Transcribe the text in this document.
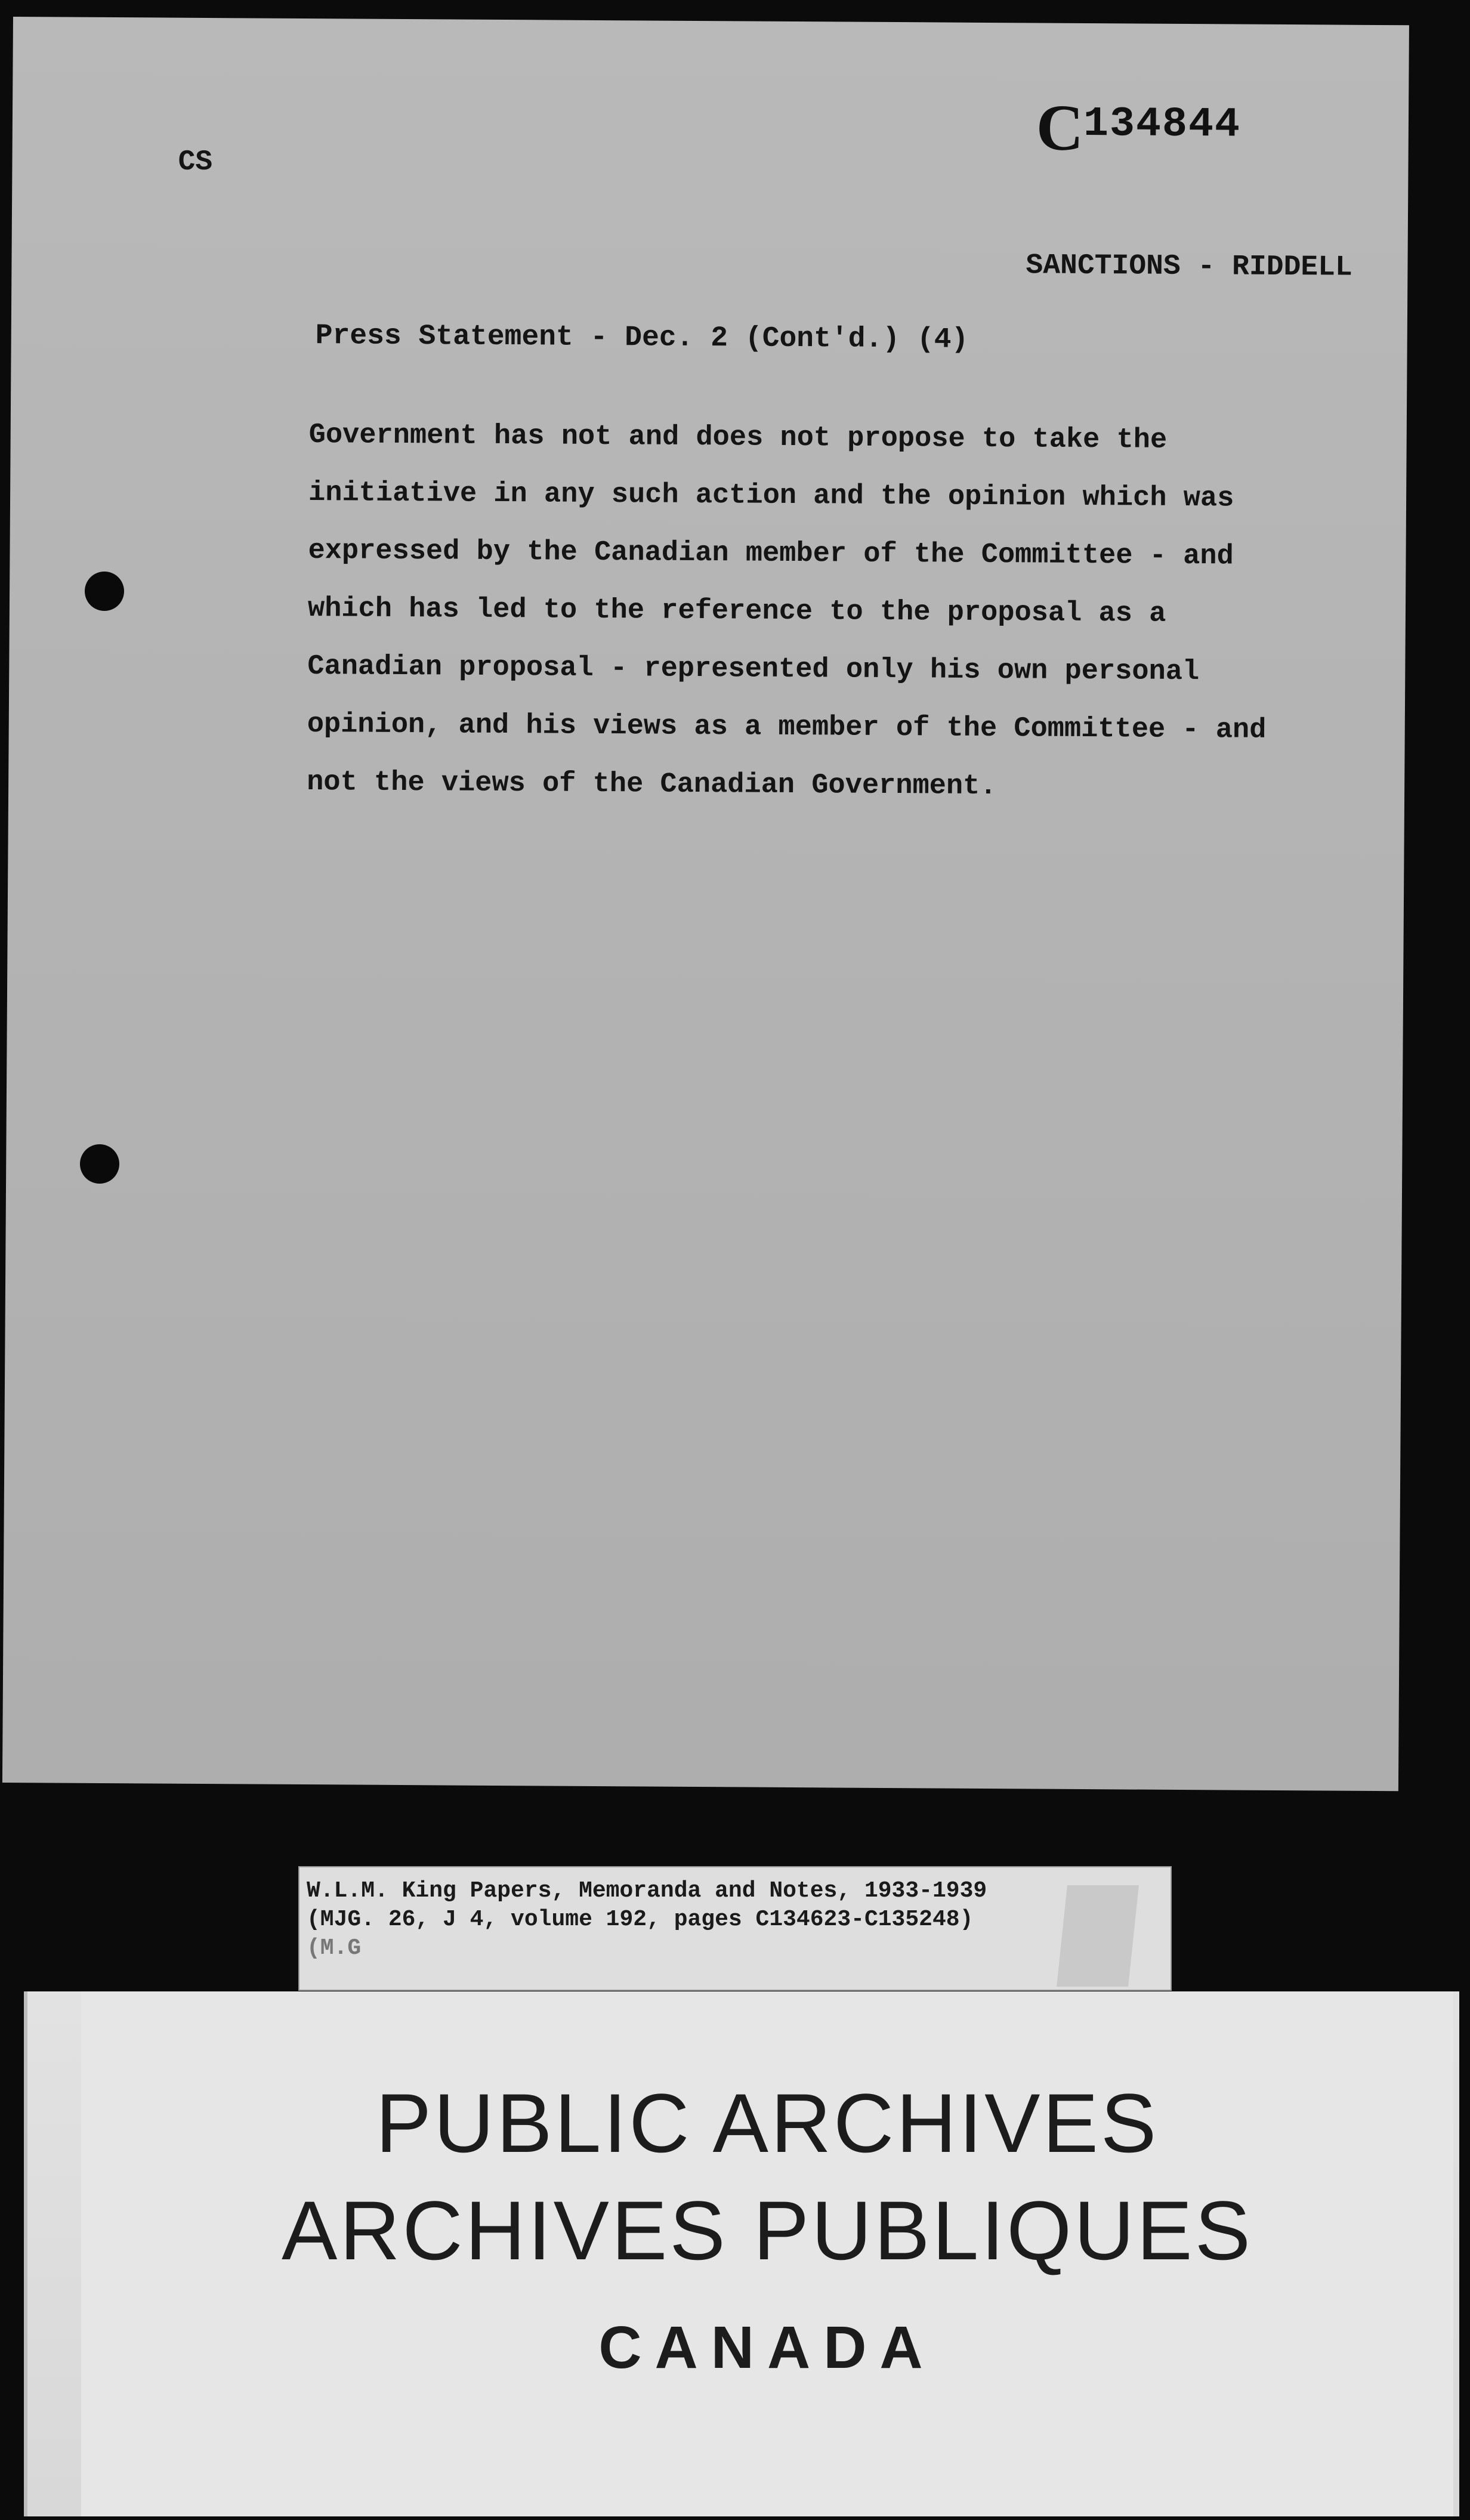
C
134844
CS
SANCTIONS - RIDDELL
Press Statement - Dec. 2 (Cont'd.) (4)
Government has not and does not propose to take the
initiative in any such action and the opinion which was
expressed by the Canadian member of the Committee - and
which has led to the reference to the proposal as a
Canadian proposal - represented only his own personal
opinion, and his views as a member of the Committee - and
not the views of the Canadian Government.
W.L.M. King Papers, Memoranda and Notes, 1933-1939
(MJG. 26, J 4, volume 192, pages C134623-C135248)
(M.G
PUBLIC ARCHIVES
ARCHIVES PUBLIQUES
CANADA
